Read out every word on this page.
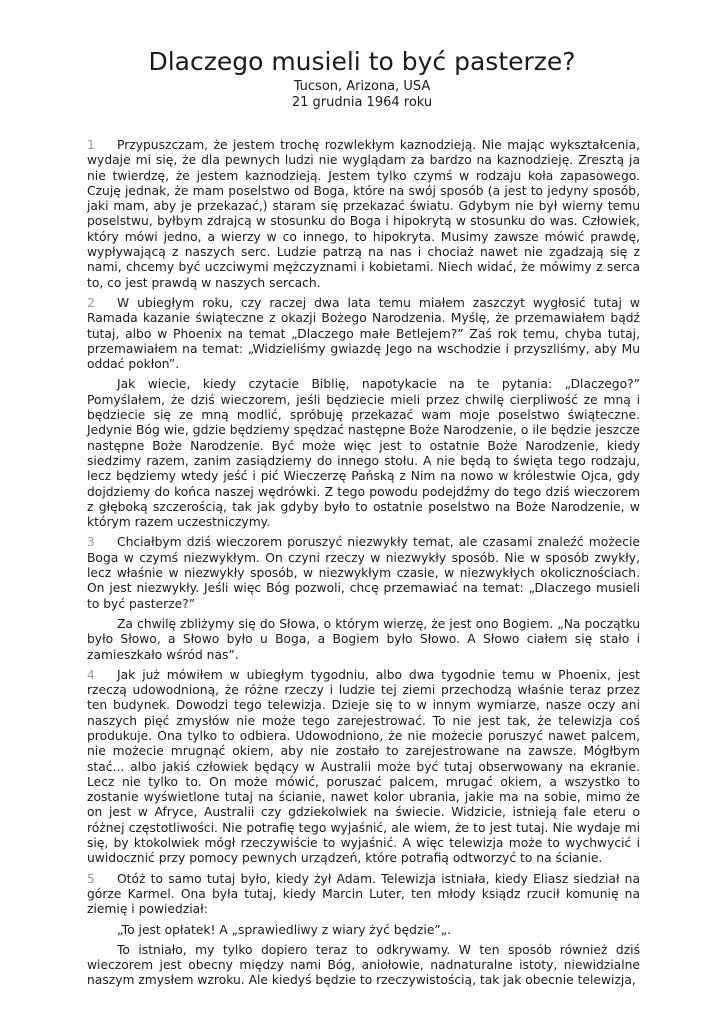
Dlaczego musieli to być pasterze?
Tucson, Arizona, USA
21 grudnia 1964 roku

1 Przypuszczam, że jestem trochę rozwlekłym kaznodzieją. Nie mając wykształcenia, wydaje mi się, że dla pewnych ludzi nie wyglądam za bardzo na kaznodzieję. Zresztą ja nie twierdzę, że jestem kaznodzieją. Jestem tylko czymś w rodzaju koła zapasowego. Czuję jednak, że mam poselstwo od Boga, które na swój sposób (a jest to jedyny sposób, jaki mam, aby je przekazać,) staram się przekazać światu. Gdybym nie był wierny temu poselstwu, byłbym zdrajcą w stosunku do Boga i hipokrytą w stosunku do was. Człowiek, który mówi jedno, a wierzy w co innego, to hipokryta. Musimy zawsze mówić prawdę, wypływającą z naszych serc. Ludzie patrzą na nas i chociaż nawet nie zgadzają się z nami, chcemy być uczciwymi mężczyznami i kobietami. Niech widać, że mówimy z serca to, co jest prawdą w naszych sercach.

2 W ubiegłym roku, czy raczej dwa lata temu miałem zaszczyt wygłosić tutaj w Ramada kazanie świąteczne z okazji Bożego Narodzenia. Myślę, że przemawiałem bądź tutaj, albo w Phoenix na temat „Dlaczego małe Betlejem?” Zaś rok temu, chyba tutaj, przemawiałem na temat: „Widzieliśmy gwiazdę Jego na wschodzie i przyszliśmy, aby Mu oddać pokłon”.

Jak wiecie, kiedy czytacie Biblię, napotykacie na te pytania: „Dlaczego?” Pomyślałem, że dziś wieczorem, jeśli będziecie mieli przez chwilę cierpliwość ze mną i będziecie się ze mną modlić, spróbuję przekazać wam moje poselstwo świąteczne. Jedynie Bóg wie, gdzie będziemy spędzać następne Boże Narodzenie, o ile będzie jeszcze następne Boże Narodzenie. Być może więc jest to ostatnie Boże Narodzenie, kiedy siedzimy razem, zanim zasiądziemy do innego stołu. A nie będą to święta tego rodzaju, lecz będziemy wtedy jeść i pić Wieczerzę Pańską z Nim na nowo w królestwie Ojca, gdy dojdziemy do końca naszej wędrówki. Z tego powodu podejdźmy do tego dziś wieczorem z głęboką szczerością, tak jak gdyby było to ostatnie poselstwo na Boże Narodzenie, w którym razem uczestniczymy.

3 Chciałbym dziś wieczorem poruszyć niezwykły temat, ale czasami znaleźć możecie Boga w czymś niezwykłym. On czyni rzeczy w niezwykły sposób. Nie w sposób zwykły, lecz właśnie w niezwykły sposób, w niezwykłym czasie, w niezwykłych okolicznościach. On jest niezwykły. Jeśli więc Bóg pozwoli, chcę przemawiać na temat: „Dlaczego musieli to być pasterze?”

Za chwilę zbliżymy się do Słowa, o którym wierzę, że jest ono Bogiem. „Na początku było Słowo, a Słowo było u Boga, a Bogiem było Słowo. A Słowo ciałem się stało i zamieszkało wśród nas”.

4 Jak już mówiłem w ubiegłym tygodniu, albo dwa tygodnie temu w Phoenix, jest rzeczą udowodnioną, że różne rzeczy i ludzie tej ziemi przechodzą właśnie teraz przez ten budynek. Dowodzi tego telewizja. Dzieje się to w innym wymiarze, nasze oczy ani naszych pięć zmysłów nie może tego zarejestrować. To nie jest tak, że telewizja coś produkuje. Ona tylko to odbiera. Udowodniono, że nie możecie poruszyć nawet palcem, nie możecie mrugnąć okiem, aby nie zostało to zarejestrowane na zawsze. Mógłbym stać... albo jakiś człowiek będący w Australii może być tutaj obserwowany na ekranie. Lecz nie tylko to. On może mówić, poruszać palcem, mrugać okiem, a wszystko to zostanie wyświetlone tutaj na ścianie, nawet kolor ubrania, jakie ma na sobie, mimo że on jest w Afryce, Australii czy gdziekolwiek na świecie. Widzicie, istnieją fale eteru o różnej częstotliwości. Nie potrafię tego wyjaśnić, ale wiem, że to jest tutaj. Nie wydaje mi się, by ktokolwiek mógł rzeczywiście to wyjaśnić. A więc telewizja może to wychwycić i uwidocznić przy pomocy pewnych urządzeń, które potrafią odtworzyć to na ścianie.

5 Otóż to samo tutaj było, kiedy żył Adam. Telewizja istniała, kiedy Eliasz siedział na górze Karmel. Ona była tutaj, kiedy Marcin Luter, ten młody ksiądz rzucił komunię na ziemię i powiedział:

„To jest opłatek! A „sprawiedliwy z wiary żyć będzie”„.

To istniało, my tylko dopiero teraz to odkrywamy. W ten sposób również dziś wieczorem jest obecny między nami Bóg, aniołowie, nadnaturalne istoty, niewidzialne naszym zmysłem wzroku. Ale kiedyś będzie to rzeczywistością, tak jak obecnie telewizja,
